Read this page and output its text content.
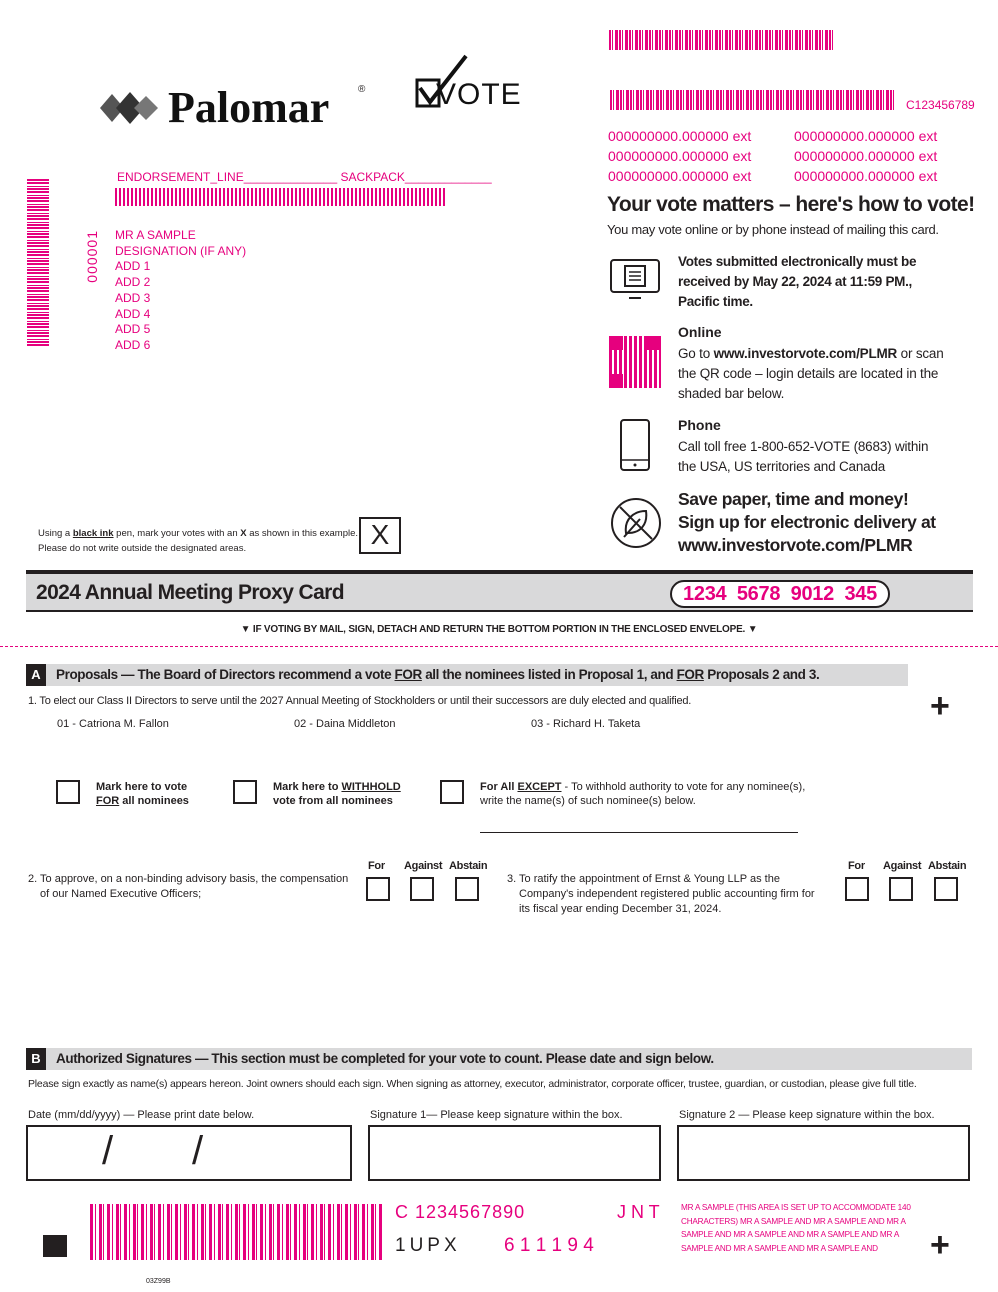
C123456789
Palomar	® VOTE
000000000.000000 ext	000000000.000000 ext
000000000.000000 ext	000000000.000000 ext
000000000.000000 ext	000000000.000000 ext
ENDORSEMENT_LINE______________ SACKPACK_____________
000001 MR A SAMPLE
DESIGNATION (IF ANY)
ADD 1
ADD 2
ADD 3
ADD 4
ADD 5
ADD 6
Your vote matters – here's how to vote!
You may vote online or by phone instead of mailing this card.
Votes submitted electronically must be received by May 22, 2024 at 11:59 PM., Pacific time.
Online
Go to www.investorvote.com/PLMR or scan the QR code – login details are located in the shaded bar below.
Phone
Call toll free 1-800-652-VOTE (8683) within the USA, US territories and Canada
Save paper, time and money!
Sign up for electronic delivery at
www.investorvote.com/PLMR
Using a black ink pen, mark your votes with an X as shown in this example.
Please do not write outside the designated areas.	X
2024 Annual Meeting Proxy Card	1234  5678  9012  345
▼ IF VOTING BY MAIL, SIGN, DETACH AND RETURN THE BOTTOM PORTION IN THE ENCLOSED ENVELOPE. ▼
A	Proposals — The Board of Directors recommend a vote FOR all the nominees listed in Proposal 1, and FOR Proposals 2 and 3.
+
1. To elect our Class II Directors to serve until the 2027 Annual Meeting of Stockholders or until their successors are duly elected and qualified.
01 - Catriona M. Fallon	02 - Daina Middleton	03 - Richard H. Taketa
Mark here to vote
FOR all nominees
Mark here to WITHHOLD
vote from all nominees
For All EXCEPT - To withhold authority to vote for any nominee(s),
write the name(s) of such nominee(s) below.
2. To approve, on a non-binding advisory basis, the compensation of our Named Executive Officers;
For Against Abstain
3. To ratify the appointment of Ernst & Young LLP as the Company's independent registered public accounting firm for its fiscal year ending December 31, 2024.
For Against Abstain
B	Authorized Signatures — This section must be completed for your vote to count. Please date and sign below.
Please sign exactly as name(s) appears hereon. Joint owners should each sign. When signing as attorney, executor, administrator, corporate officer, trustee, guardian, or custodian, please give full title.
Date (mm/dd/yyyy) — Please print date below.	Signature 1— Please keep signature within the box.	Signature 2 — Please keep signature within the box.
/ /
C 1234567890	J N T
1UPX 6 1 1 1 9 4
MR A SAMPLE (THIS AREA IS SET UP TO ACCOMMODATE 140 CHARACTERS) MR A SAMPLE AND MR A SAMPLE AND MR A SAMPLE AND MR A SAMPLE AND MR A SAMPLE AND MR A SAMPLE AND MR A SAMPLE AND MR A SAMPLE AND	+
03Z99B
